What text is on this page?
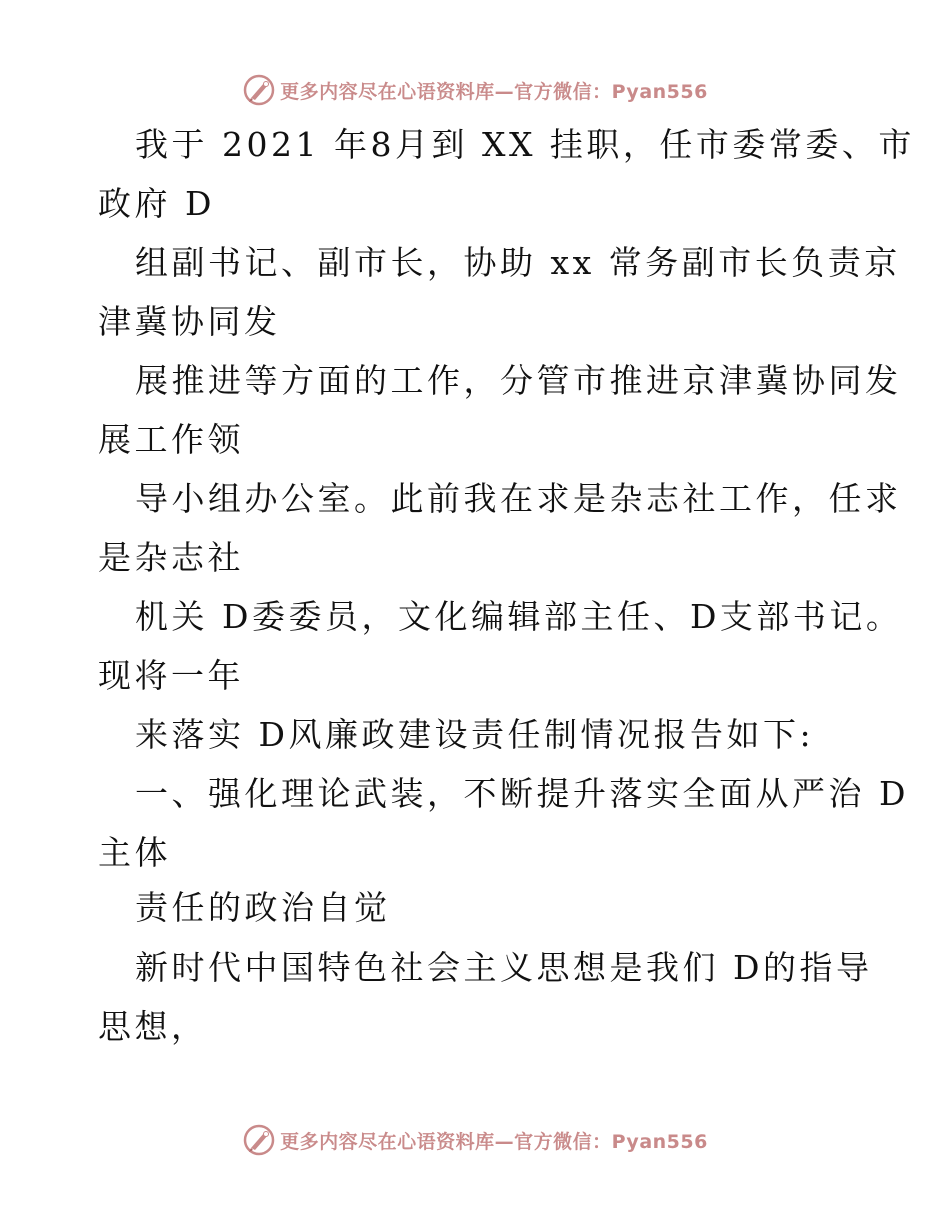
更多内容尽在心语资料库—官方微信：Pyan556
我于 2021 年8月到 XX 挂职，任市委常委、市
政府 D
组副书记、副市长，协助 xx 常务副市长负责京
津冀协同发
展推进等方面的工作，分管市推进京津冀协同发
展工作领
导小组办公室。此前我在求是杂志社工作，任求
是杂志社
机关 D委委员，文化编辑部主任、D支部书记。
现将一年
来落实 D风廉政建设责任制情况报告如下:
一、强化理论武装，不断提升落实全面从严治 D
主体
责任的政治自觉
新时代中国特色社会主义思想是我们 D的指导
思想，
更多内容尽在心语资料库—官方微信：Pyan556
